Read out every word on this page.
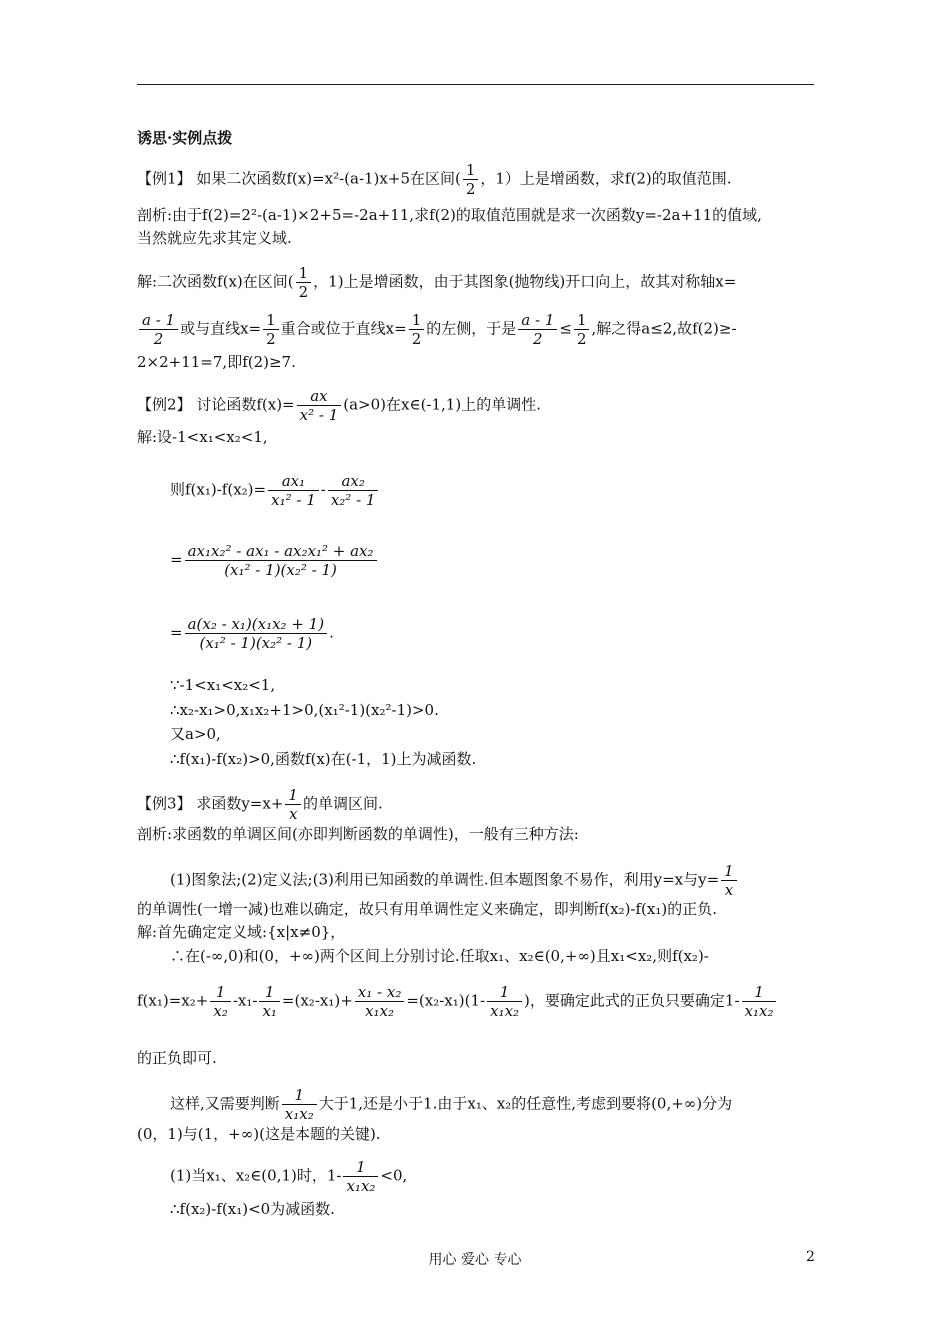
诱思·实例点拨
【例1】 如果二次函数f(x)=x²-(a-1)x+5在区间( $\frac{1}{2}$ ，1）上是增函数，求f(2)的取值范围.
剖析:由于f(2)=2²-(a-1)×2+5=-2a+11,求f(2)的取值范围就是求一次函数y=-2a+11的值域,
当然就应先求其定义域.
解:二次函数f(x)在区间( $\frac{1}{2}$ ，1)上是增函数，由于其图象(抛物线)开口向上，故其对称轴x=
$\frac{a - 1}{2}$ 或与直线$x= \frac{1}{2}$ 重合或位于直线$x= \frac{1}{2}$ 的左侧，于是 $\frac{a - 1}{2} \le \frac{1}{2}$ ,解之得a≤2,故f(2)≥-
2×2+11=7,即f(2)≥7.
【例2】 讨论函数$f(x)= \frac{ax}{\text{x² - 1}} (a>0)$在x∈(-1,1)上的单调性.
解:设-1<x₁<x₂<1,
则$f(x_1)-f(x_2)= \frac{\text{ax₁}}{\text{x₁² - 1}} - \frac{\text{ax₂}}{\text{x₂² - 1}}$
= $\frac{\text{ax₁x₂² - ax₁ - ax₂x₁² + ax₂}}{\text{(x₁² - 1)(x₂² - 1)}}$
= $\frac{\text{a(x₂ - x₁)(x₁x₂ + 1)}}{\text{(x₁² - 1)(x₂² - 1)}}$ .
∵-1<x₁<x₂<1,
∴x₂-x₁>0,x₁x₂+1>0,(x₁²-1)(x₂²-1)>0.
又a>0,
∴f(x₁)-f(x₂)>0,函数f(x)在(-1，1)上为减函数.
【例3】 求函数$y=x+ \frac{1}{x}$ 的单调区间.
剖析:求函数的单调区间(亦即判断函数的单调性)，一般有三种方法:
(1)图象法;(2)定义法;(3)利用已知函数的单调性.但本题图象不易作，利用y=x与$y= \frac{1}{x}$
的单调性(一增一减)也难以确定，故只有用单调性定义来确定，即判断f(x₂)-f(x₁)的正负.
解:首先确定定义域:{x|x≠0}，
∴在(-∞,0)和(0，+∞)两个区间上分别讨论.任取x₁、x₂∈(0,+∞)且x₁<x₂,则f(x₂)-
$f(x_1)=x_2+ \frac{1}{\text{x₂}} -x_1- \frac{1}{\text{x₁}} =(x_2-x_1)+ \frac{\text{x₁ - x₂}}{\text{x₁x₂}} =(x_2-x_1)(1- \frac{1}{\text{x₁x₂}}$ )，要确定此式的正负只要确定$1- \frac{1}{\text{x₁x₂}}$
的正负即可.
这样,又需要判断 $\frac{1}{\text{x₁x₂}}$ 大于1,还是小于1.由于x₁、x₂的任意性,考虑到要将(0,+∞)分为
(0，1)与(1，+∞)(这是本题的关键).
(1)当x₁、x₂∈(0,1)时，$1- \frac{1}{\text{x₁x₂}} <0$,
∴f(x₂)-f(x₁)<0为减函数.
用心 爱心 专心	2
